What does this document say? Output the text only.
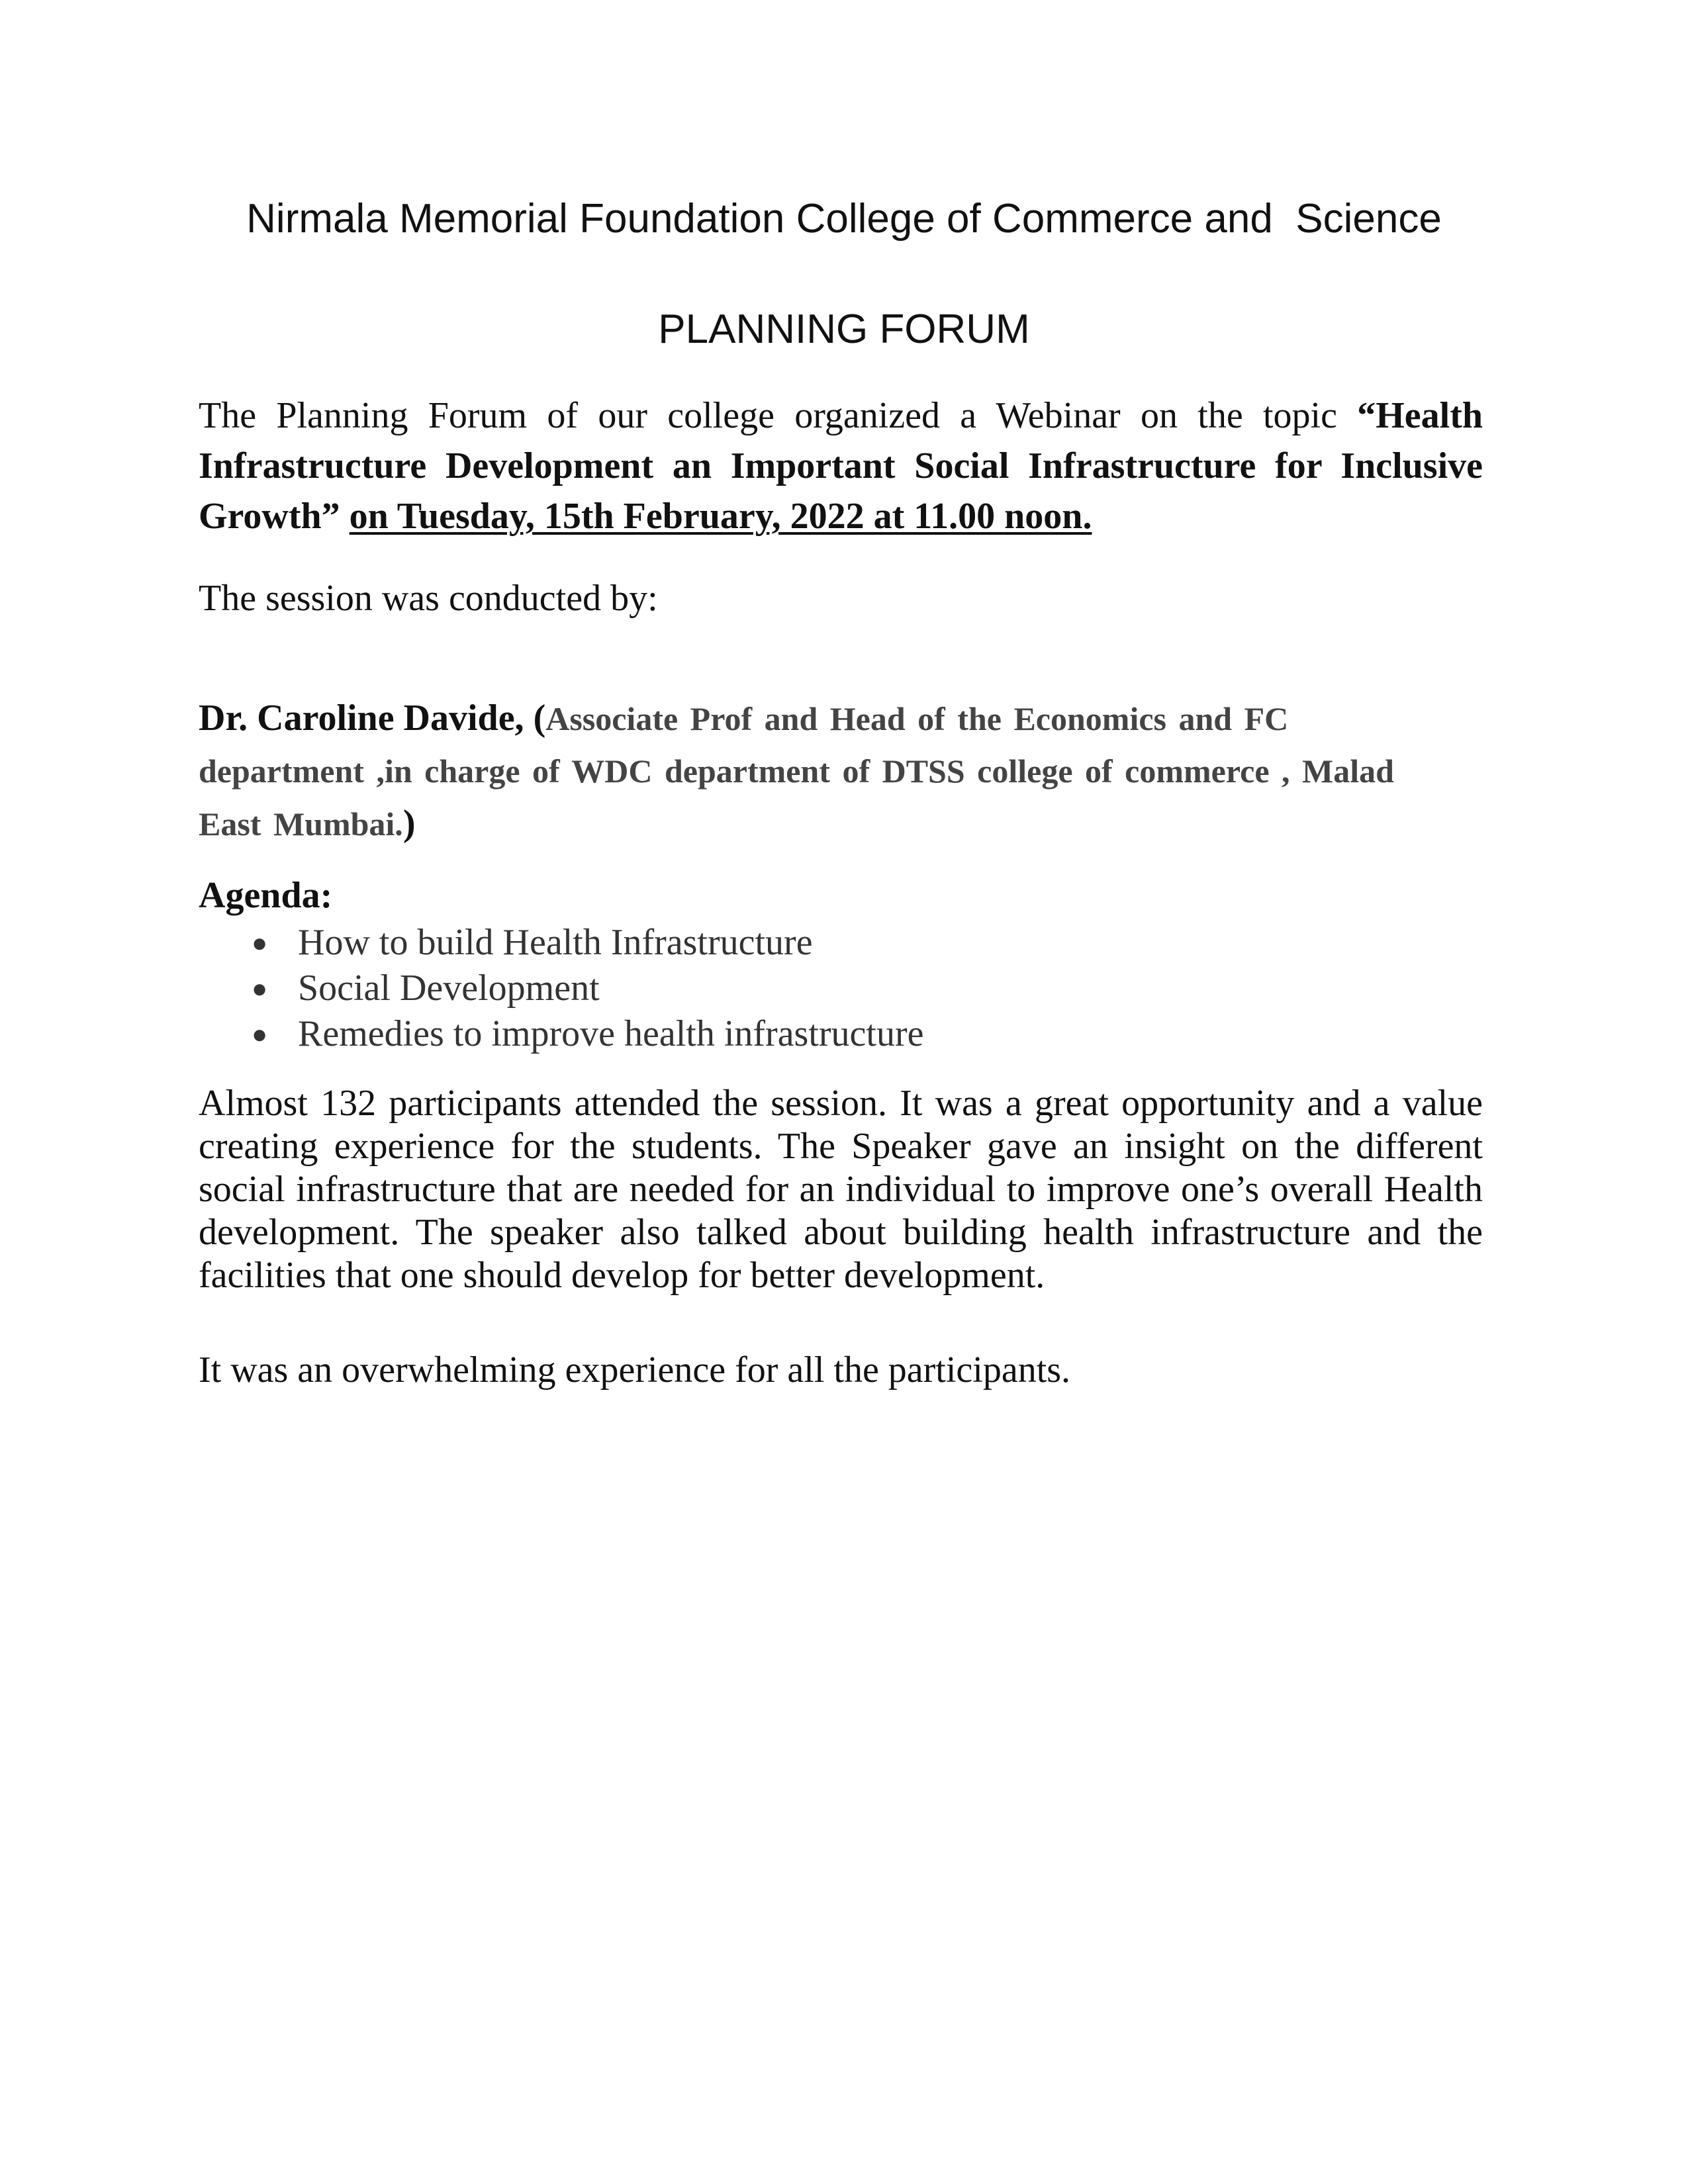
Nirmala Memorial Foundation College of Commerce and  Science
PLANNING FORUM
The Planning Forum of our college organized a Webinar on the topic “Health Infrastructure Development an Important Social Infrastructure for Inclusive Growth” on Tuesday, 15th February, 2022 at 11.00 noon.
The session was conducted by:
Dr. Caroline Davide, (Associate Prof and Head of the Economics and FC department ,in charge of WDC department of DTSS college of commerce , Malad East Mumbai.)
Agenda:
● How to build Health Infrastructure
● Social Development
● Remedies to improve health infrastructure
Almost 132 participants attended the session. It was a great opportunity and a value creating experience for the students. The Speaker gave an insight on the different social infrastructure that are needed for an individual to improve one’s overall Health development. The speaker also talked about building health infrastructure and the facilities that one should develop for better development.
It was an overwhelming experience for all the participants.
